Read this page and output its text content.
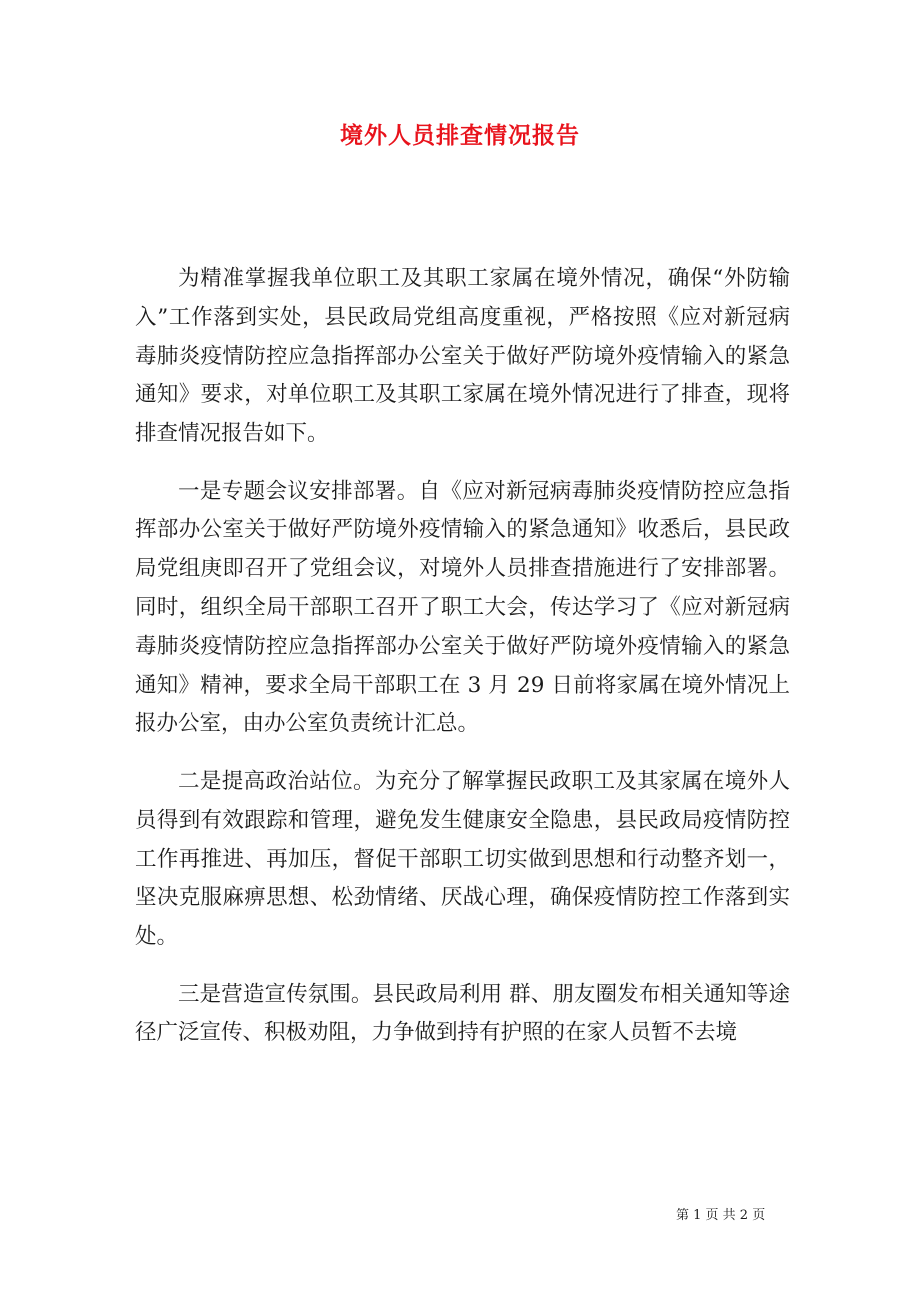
境外人员排查情况报告

为精准掌握我单位职工及其职工家属在境外情况，确保“外防输入”工作落到实处，县民政局党组高度重视，严格按照《应对新冠病毒肺炎疫情防控应急指挥部办公室关于做好严防境外疫情输入的紧急通知》要求，对单位职工及其职工家属在境外情况进行了排查，现将排查情况报告如下。

一是专题会议安排部署。自《应对新冠病毒肺炎疫情防控应急指挥部办公室关于做好严防境外疫情输入的紧急通知》收悉后，县民政局党组庚即召开了党组会议，对境外人员排查措施进行了安排部署。同时，组织全局干部职工召开了职工大会，传达学习了《应对新冠病毒肺炎疫情防控应急指挥部办公室关于做好严防境外疫情输入的紧急通知》精神，要求全局干部职工在 3 月 29 日前将家属在境外情况上报办公室，由办公室负责统计汇总。

二是提高政治站位。为充分了解掌握民政职工及其家属在境外人员得到有效跟踪和管理，避免发生健康安全隐患，县民政局疫情防控工作再推进、再加压，督促干部职工切实做到思想和行动整齐划一，坚决克服麻痹思想、松劲情绪、厌战心理，确保疫情防控工作落到实处。

三是营造宣传氛围。县民政局利用 群、朋友圈发布相关通知等途径广泛宣传、积极劝阻，力争做到持有护照的在家人员暂不去境

第 1 页 共 2 页
